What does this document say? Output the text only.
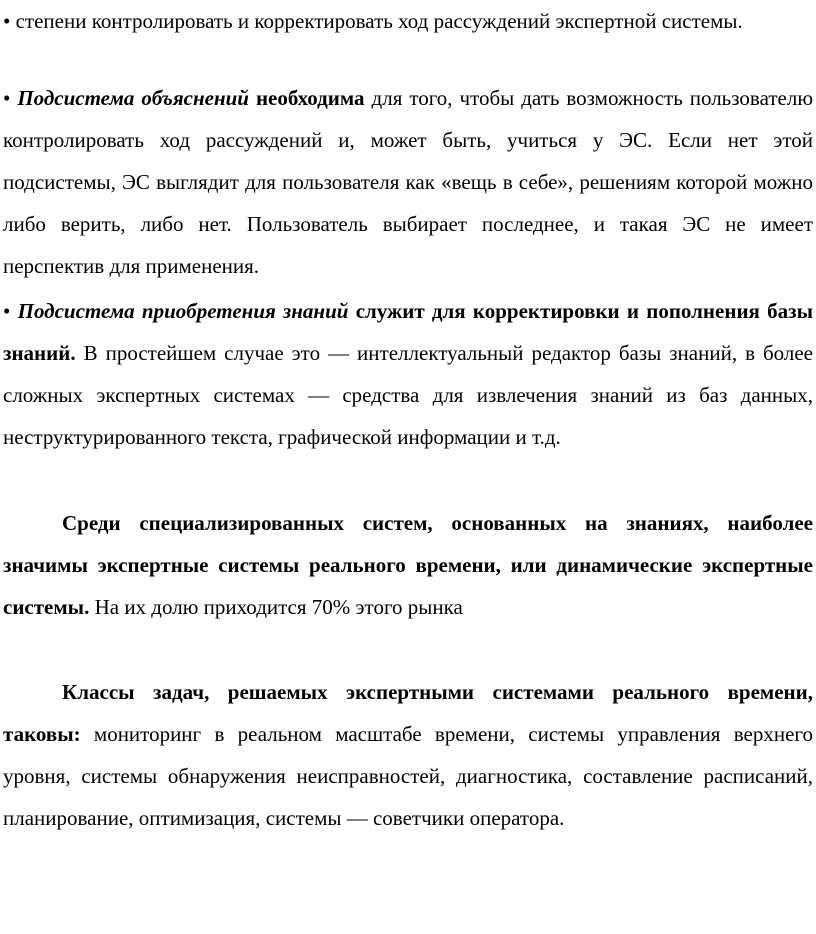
• степени контролировать и корректировать ход рассуждений экспертной системы.

• Подсистема объяснений необходима для того, чтобы дать возможность пользователю контролировать ход рассуждений и, может быть, учиться у ЭС. Если нет этой подсистемы, ЭС выглядит для пользователя как «вещь в себе», решениям которой можно либо верить, либо нет. Пользователь выбирает последнее, и такая ЭС не имеет перспектив для применения.

• Подсистема приобретения знаний служит для корректировки и пополнения базы знаний. В простейшем случае это — интеллектуальный редактор базы знаний, в более сложных экспертных системах — средства для извлечения знаний из баз данных, неструктурированного текста, графической информации и т.д.

Среди специализированных систем, основанных на знаниях, наиболее значимы экспертные системы реального времени, или динамические экспертные системы. На их долю приходится 70% этого рынка

Классы задач, решаемых экспертными системами реального времени, таковы: мониторинг в реальном масштабе времени, системы управления верхнего уровня, системы обнаружения неисправностей, диагностика, составление расписаний, планирование, оптимизация, системы — советчики оператора.
